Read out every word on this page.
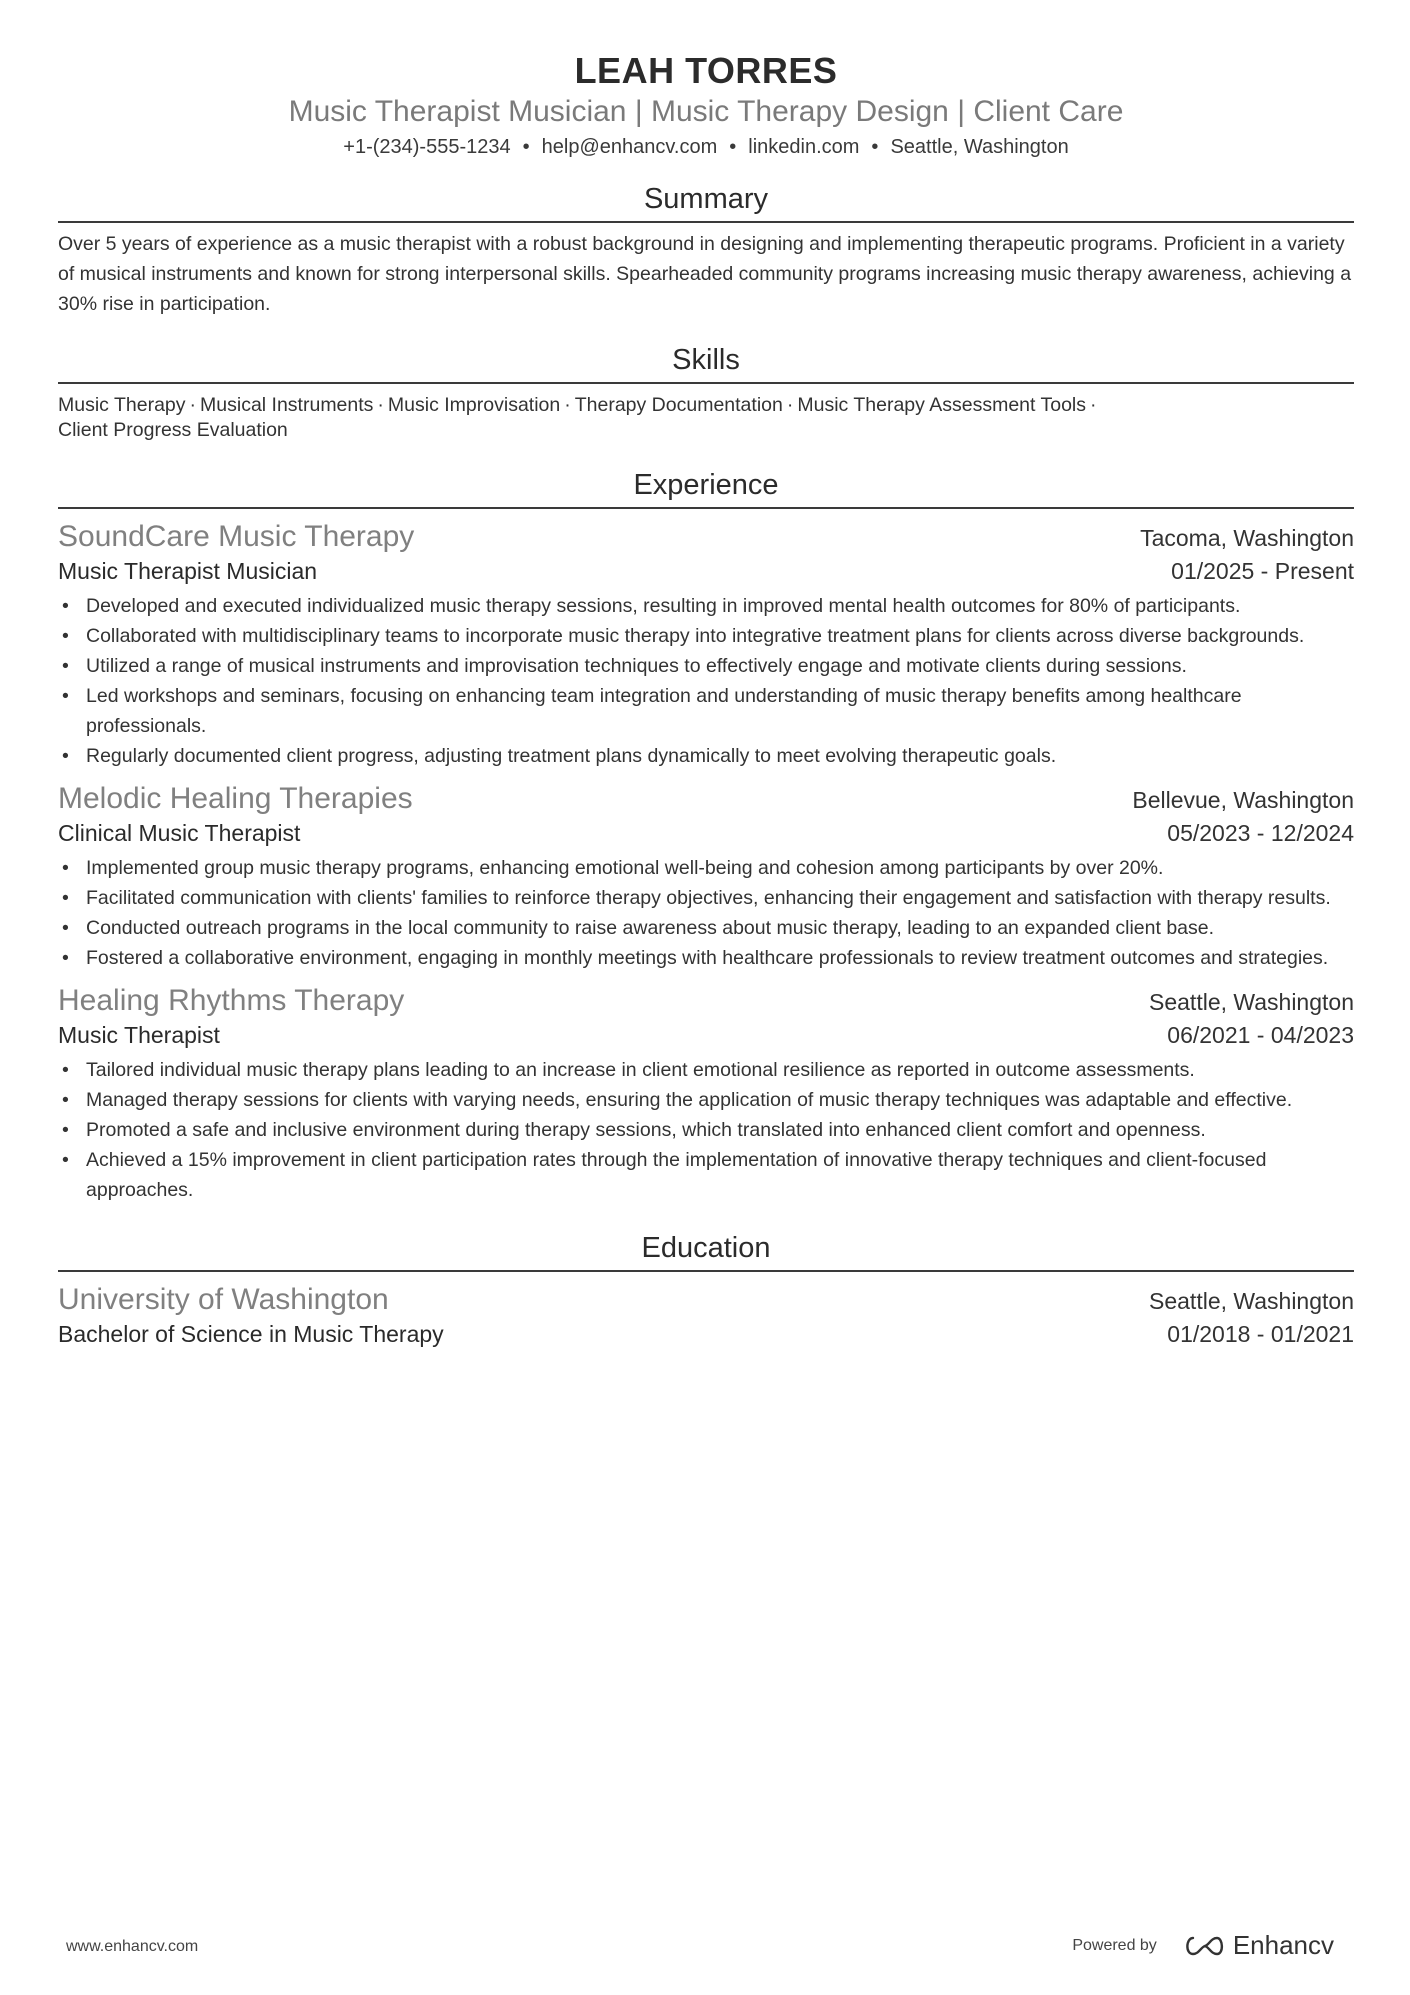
LEAH TORRES
Music Therapist Musician | Music Therapy Design | Client Care
+1-(234)-555-1234 • help@enhancv.com • linkedin.com • Seattle, Washington
Summary
Over 5 years of experience as a music therapist with a robust background in designing and implementing therapeutic programs. Proficient in a variety of musical instruments and known for strong interpersonal skills. Spearheaded community programs increasing music therapy awareness, achieving a 30% rise in participation.
Skills
Music Therapy · Musical Instruments · Music Improvisation · Therapy Documentation · Music Therapy Assessment Tools ·
Client Progress Evaluation
Experience
SoundCare Music Therapy	Tacoma, Washington
Music Therapist Musician	01/2025 - Present
• Developed and executed individualized music therapy sessions, resulting in improved mental health outcomes for 80% of participants.
• Collaborated with multidisciplinary teams to incorporate music therapy into integrative treatment plans for clients across diverse backgrounds.
• Utilized a range of musical instruments and improvisation techniques to effectively engage and motivate clients during sessions.
• Led workshops and seminars, focusing on enhancing team integration and understanding of music therapy benefits among healthcare professionals.
• Regularly documented client progress, adjusting treatment plans dynamically to meet evolving therapeutic goals.
Melodic Healing Therapies	Bellevue, Washington
Clinical Music Therapist	05/2023 - 12/2024
• Implemented group music therapy programs, enhancing emotional well-being and cohesion among participants by over 20%.
• Facilitated communication with clients' families to reinforce therapy objectives, enhancing their engagement and satisfaction with therapy results.
• Conducted outreach programs in the local community to raise awareness about music therapy, leading to an expanded client base.
• Fostered a collaborative environment, engaging in monthly meetings with healthcare professionals to review treatment outcomes and strategies.
Healing Rhythms Therapy	Seattle, Washington
Music Therapist	06/2021 - 04/2023
• Tailored individual music therapy plans leading to an increase in client emotional resilience as reported in outcome assessments.
• Managed therapy sessions for clients with varying needs, ensuring the application of music therapy techniques was adaptable and effective.
• Promoted a safe and inclusive environment during therapy sessions, which translated into enhanced client comfort and openness.
• Achieved a 15% improvement in client participation rates through the implementation of innovative therapy techniques and client-focused approaches.
Education
University of Washington	Seattle, Washington
Bachelor of Science in Music Therapy	01/2018 - 01/2021
www.enhancv.com	Powered by	Enhancv
